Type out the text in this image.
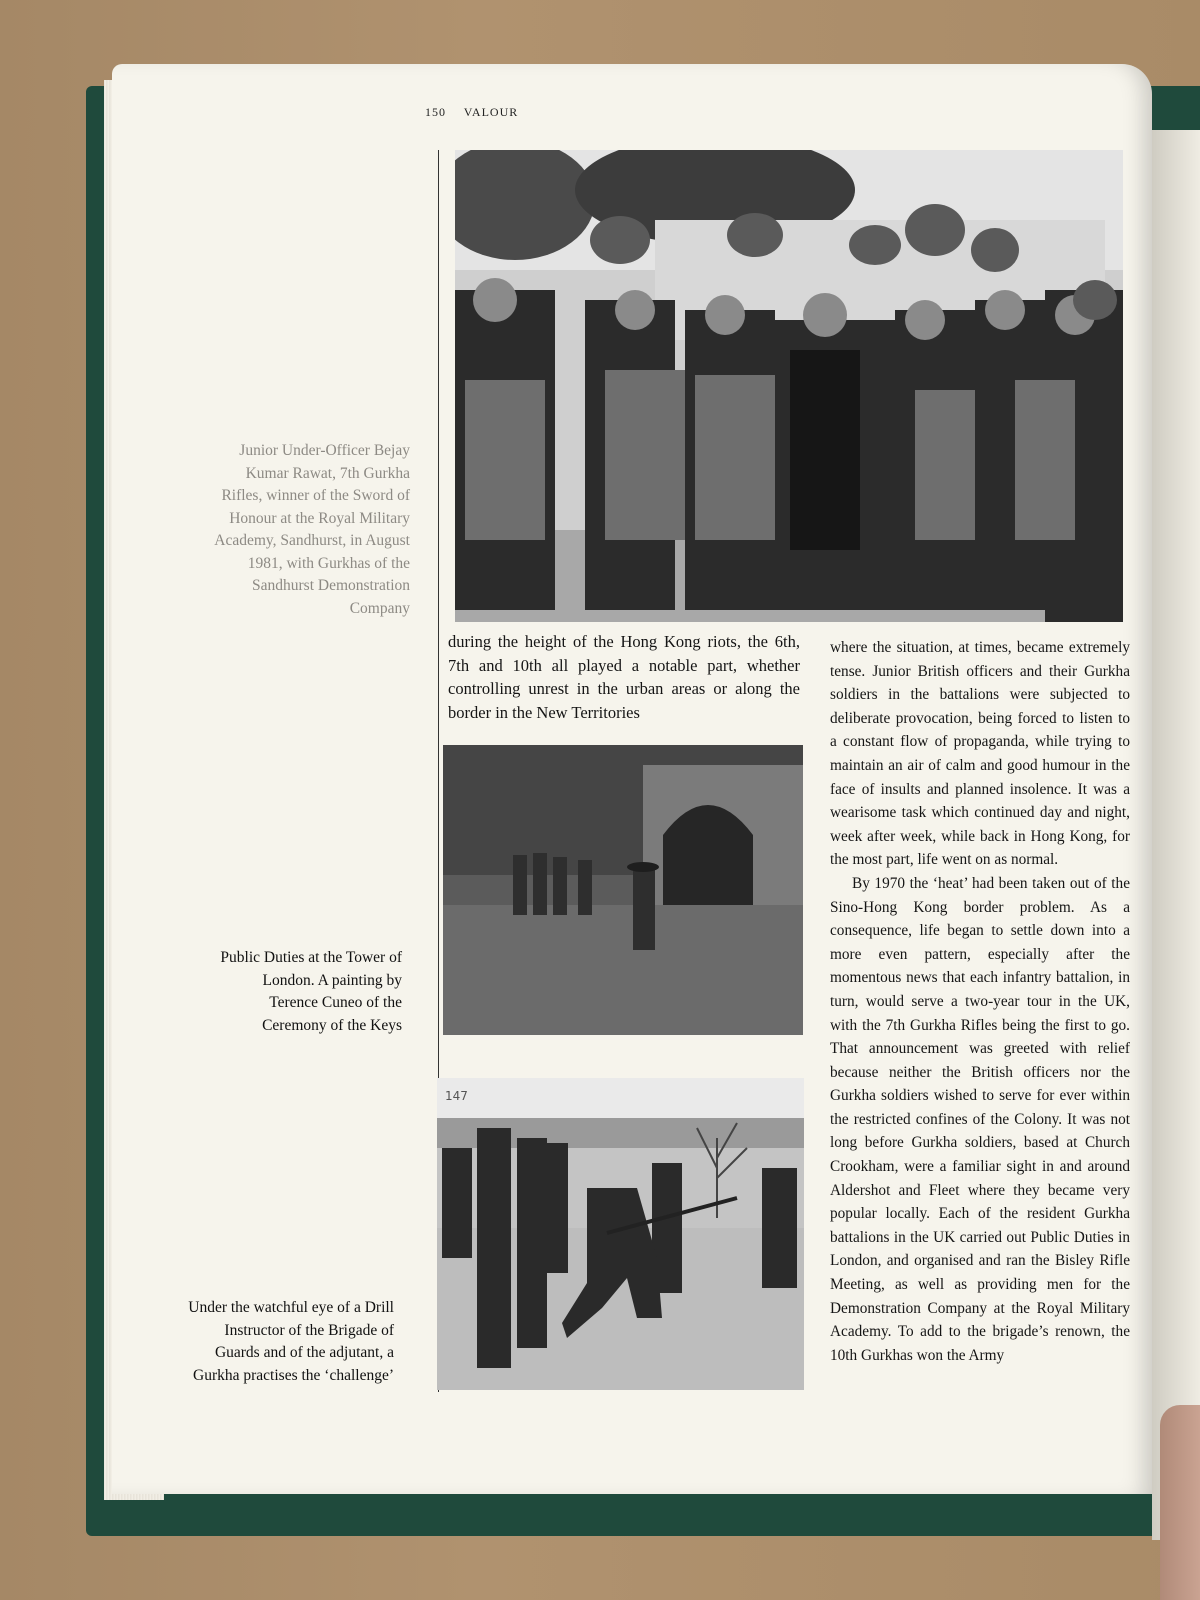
150 VALOUR
Junior Under-Officer Bejay Kumar Rawat, 7th Gurkha Rifles, winner of the Sword of Honour at the Royal Military Academy, Sandhurst, in August 1981, with Gurkhas of the Sandhurst Demonstration Company

during the height of the Hong Kong riots, the 6th, 7th and 10th all played a notable part, whether controlling unrest in the urban areas or along the border in the New Territories

Public Duties at the Tower of London. A painting by Terence Cuneo of the Ceremony of the Keys
147
Under the watchful eye of a Drill Instructor of the Brigade of Guards and of the adjutant, a Gurkha practises the ‘challenge’

where the situation, at times, became extremely tense. Junior British officers and their Gurkha soldiers in the battalions were subjected to deliberate provocation, being forced to listen to a constant flow of propaganda, while trying to maintain an air of calm and good humour in the face of insults and planned insolence. It was a wearisome task which continued day and night, week after week, while back in Hong Kong, for the most part, life went on as normal.

By 1970 the ‘heat’ had been taken out of the Sino-Hong Kong border problem. As a consequence, life began to settle down into a more even pattern, especially after the momentous news that each infantry battalion, in turn, would serve a two-year tour in the UK, with the 7th Gurkha Rifles being the first to go. That announcement was greeted with relief because neither the British officers nor the Gurkha soldiers wished to serve for ever within the restricted confines of the Colony. It was not long before Gurkha soldiers, based at Church Crookham, were a familiar sight in and around Aldershot and Fleet where they became very popular locally. Each of the resident Gurkha battalions in the UK carried out Public Duties in London, and organised and ran the Bisley Rifle Meeting, as well as providing men for the Demonstration Company at the Royal Military Academy. To add to the brigade’s renown, the 10th Gurkhas won the Army
